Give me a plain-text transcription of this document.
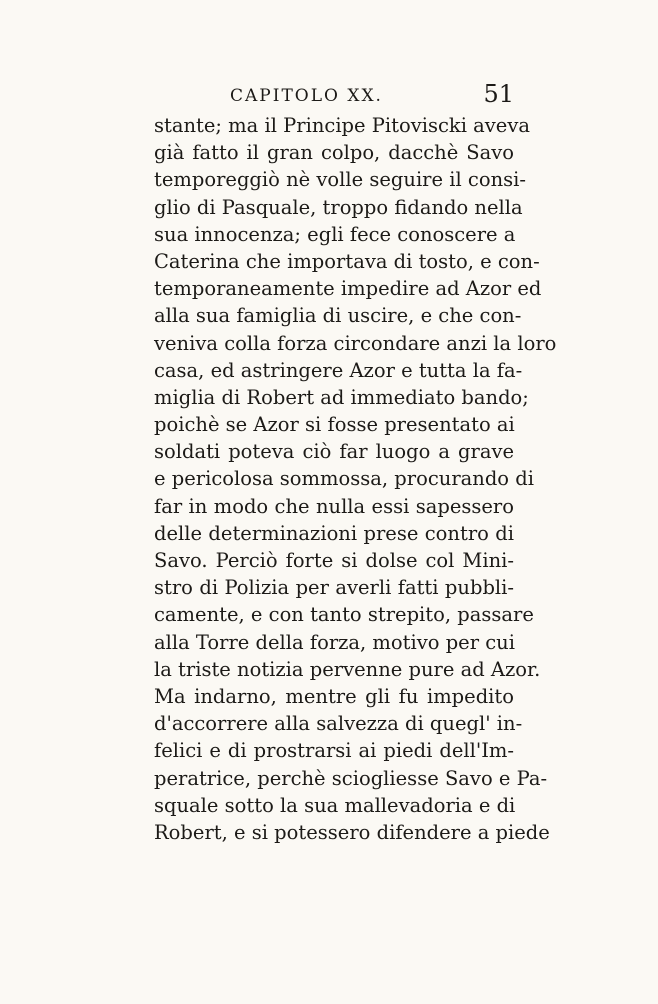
CAPITOLO XX.	51
stante; ma il Principe Pitoviscki aveva
già fatto il gran colpo, dacchè Savo
temporeggiò nè volle seguire il consi-
glio di Pasquale, troppo fidando nella
sua innocenza; egli fece conoscere a
Caterina che importava di tosto, e con-
temporaneamente impedire ad Azor ed
alla sua famiglia di uscire, e che con-
veniva colla forza circondare anzi la loro
casa, ed astringere Azor e tutta la fa-
miglia di Robert ad immediato bando;
poichè se Azor si fosse presentato ai
soldati poteva ciò far luogo a grave
e pericolosa sommossa, procurando di
far in modo che nulla essi sapessero
delle determinazioni prese contro di
Savo. Perciò forte si dolse col Mini-
stro di Polizia per averli fatti pubbli-
camente, e con tanto strepito, passare
alla Torre della forza, motivo per cui
la triste notizia pervenne pure ad Azor.
Ma indarno, mentre gli fu impedito
d'accorrere alla salvezza di quegl' in-
felici e di prostrarsi ai piedi dell'Im-
peratrice, perchè sciogliesse Savo e Pa-
squale sotto la sua mallevadoria e di
Robert, e si potessero difendere a piede
